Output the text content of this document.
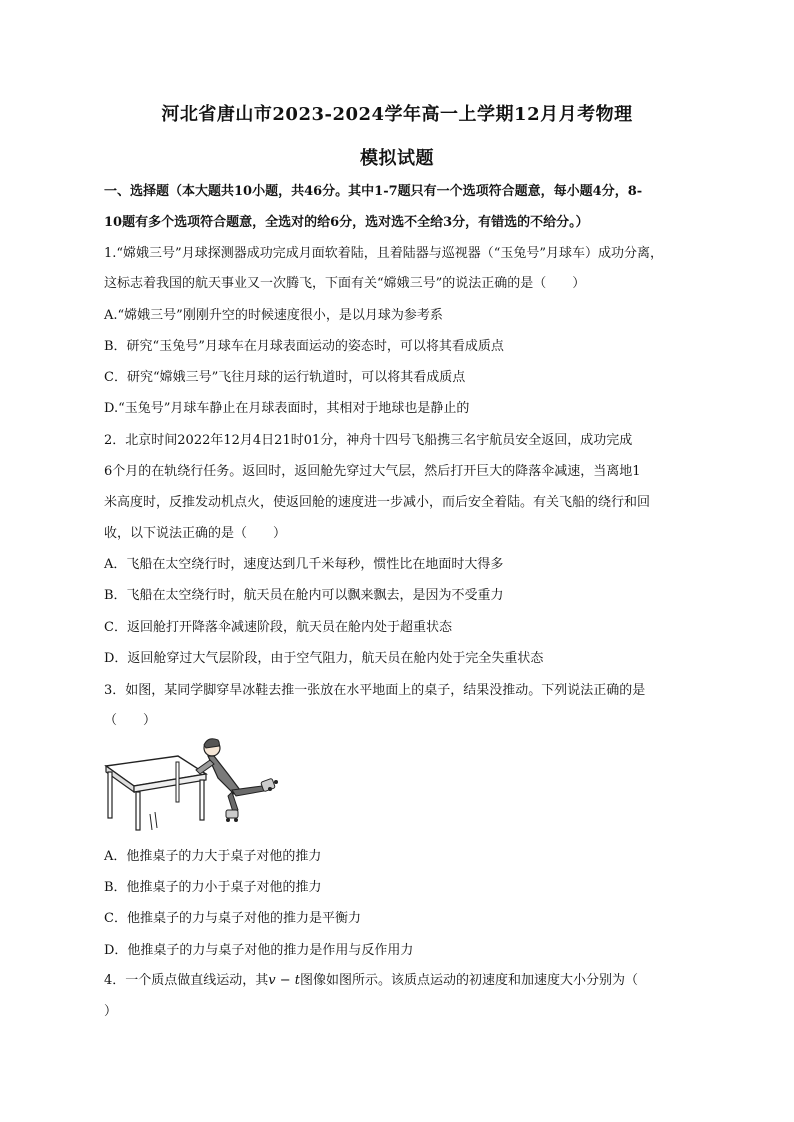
河北省唐山市2023-2024学年高一上学期12月月考物理
模拟试题
一、选择题（本大题共10小题，共46分。其中1-7题只有一个选项符合题意，每小题4分，8-
10题有多个选项符合题意，全选对的给6分，选对选不全给3分，有错选的不给分。）
1.“嫦娥三号”月球探测器成功完成月面软着陆，且着陆器与巡视器（“玉兔号”月球车）成功分离，
这标志着我国的航天事业又一次腾飞，下面有关“嫦娥三号”的说法正确的是（　　）
A.“嫦娥三号”刚刚升空的时候速度很小，是以月球为参考系
B．研究“玉兔号”月球车在月球表面运动的姿态时，可以将其看成质点
C．研究“嫦娥三号”飞往月球的运行轨道时，可以将其看成质点
D.“玉兔号”月球车静止在月球表面时，其相对于地球也是静止的
2．北京时间2022年12月4日21时01分，神舟十四号飞船携三名宇航员安全返回，成功完成
6个月的在轨绕行任务。返回时，返回舱先穿过大气层，然后打开巨大的降落伞减速，当离地1
米高度时，反推发动机点火，使返回舱的速度进一步减小，而后安全着陆。有关飞船的绕行和回
收，以下说法正确的是（　　）
A．飞船在太空绕行时，速度达到几千米每秒，惯性比在地面时大得多
B．飞船在太空绕行时，航天员在舱内可以飘来飘去，是因为不受重力
C．返回舱打开降落伞减速阶段，航天员在舱内处于超重状态
D．返回舱穿过大气层阶段，由于空气阻力，航天员在舱内处于完全失重状态
3．如图，某同学脚穿旱冰鞋去推一张放在水平地面上的桌子，结果没推动。下列说法正确的是
（　　）
A．他推桌子的力大于桌子对他的推力
B．他推桌子的力小于桌子对他的推力
C．他推桌子的力与桌子对他的推力是平衡力
D．他推桌子的力与桌子对他的推力是作用与反作用力
4．一个质点做直线运动，其v − t图像如图所示。该质点运动的初速度和加速度大小分别为（
）
